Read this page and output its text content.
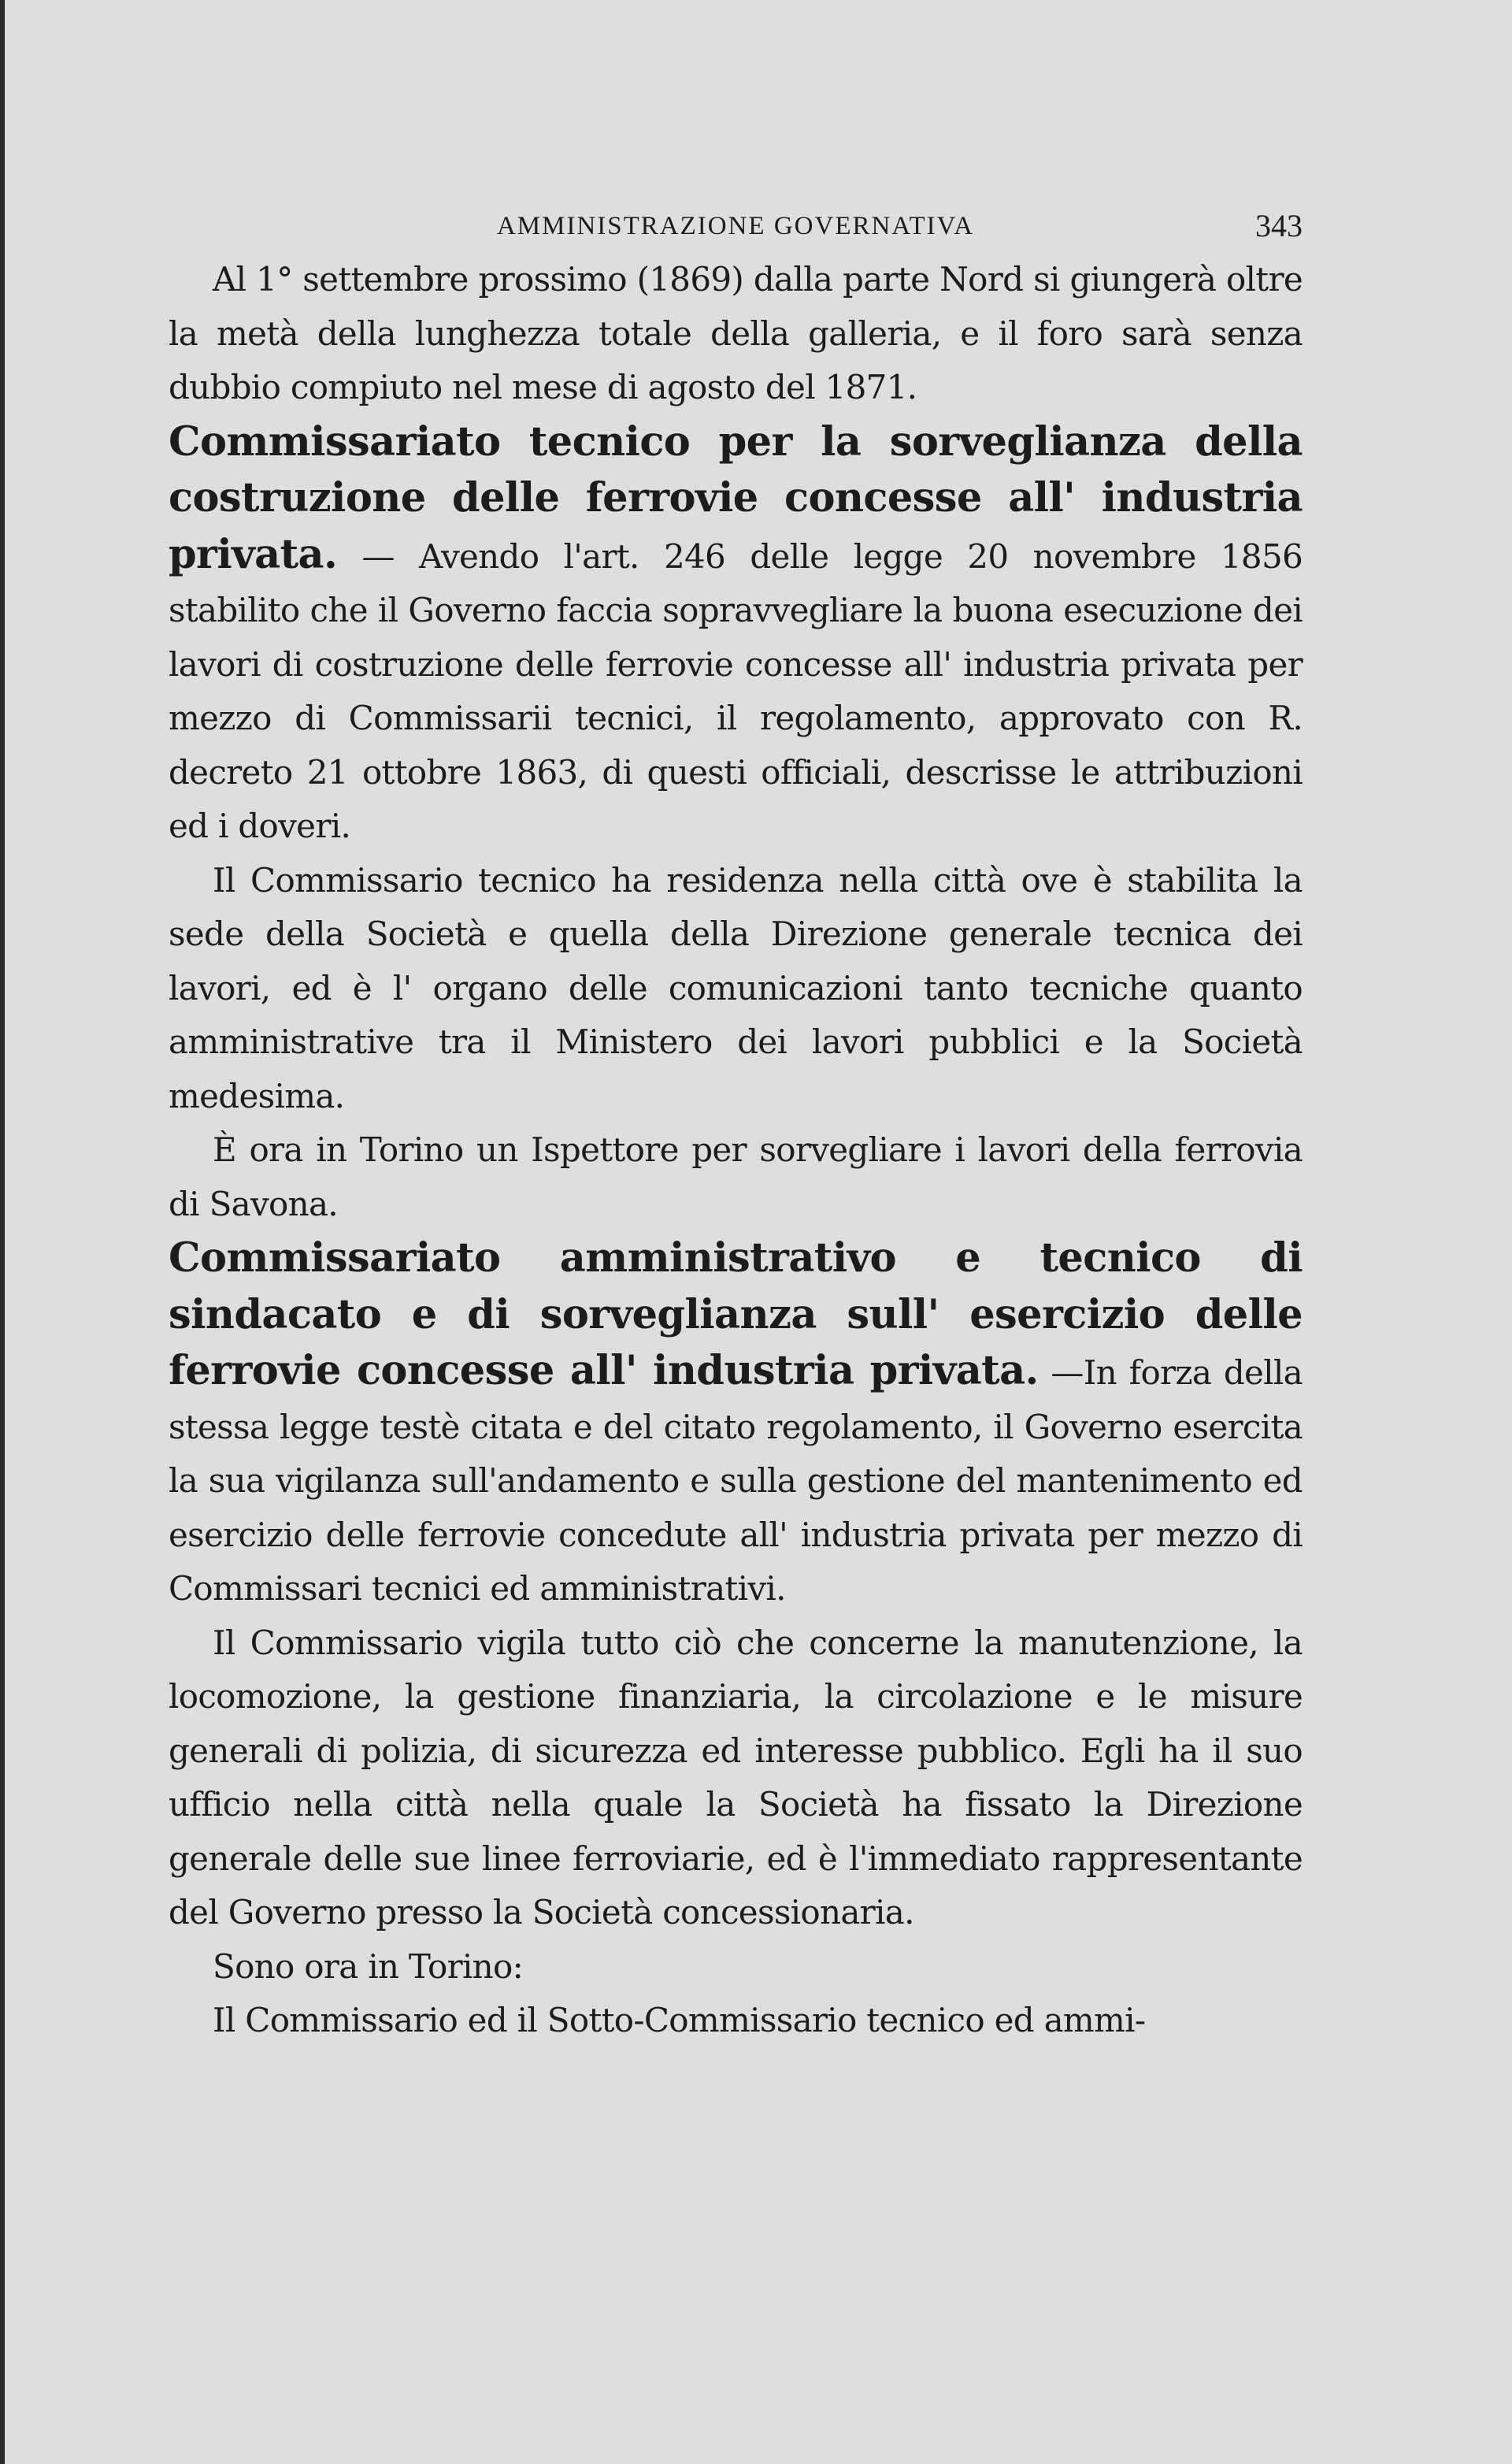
AMMINISTRAZIONE GOVERNATIVA	343

Al 1° settembre prossimo (1869) dalla parte Nord si giungerà oltre la metà della lunghezza totale della galleria, e il foro sarà senza dubbio compiuto nel mese di agosto del 1871.

Commissariato tecnico per la sorveglianza della costruzione delle ferrovie concesse all' industria privata. — Avendo l'art. 246 delle legge 20 novembre 1856 stabilito che il Governo faccia sopravvegliare la buona esecuzione dei lavori di costruzione delle ferrovie concesse all' industria privata per mezzo di Commissarii tecnici, il regolamento, approvato con R. decreto 21 ottobre 1863, di questi officiali, descrisse le attribuzioni ed i doveri.

Il Commissario tecnico ha residenza nella città ove è stabilita la sede della Società e quella della Direzione generale tecnica dei lavori, ed è l' organo delle comunicazioni tanto tecniche quanto amministrative tra il Ministero dei lavori pubblici e la Società medesima.

È ora in Torino un Ispettore per sorvegliare i lavori della ferrovia di Savona.

Commissariato amministrativo e tecnico di sindacato e di sorveglianza sull' esercizio delle ferrovie concesse all' industria privata. —In forza della stessa legge testè citata e del citato regolamento, il Governo esercita la sua vigilanza sull'andamento e sulla gestione del mantenimento ed esercizio delle ferrovie concedute all' industria privata per mezzo di Commissari tecnici ed amministrativi.

Il Commissario vigila tutto ciò che concerne la manutenzione, la locomozione, la gestione finanziaria, la circolazione e le misure generali di polizia, di sicurezza ed interesse pubblico. Egli ha il suo ufficio nella città nella quale la Società ha fissato la Direzione generale delle sue linee ferroviarie, ed è l'immediato rappresentante del Governo presso la Società concessionaria.

Sono ora in Torino:

Il Commissario ed il Sotto-Commissario tecnico ed ammi-
